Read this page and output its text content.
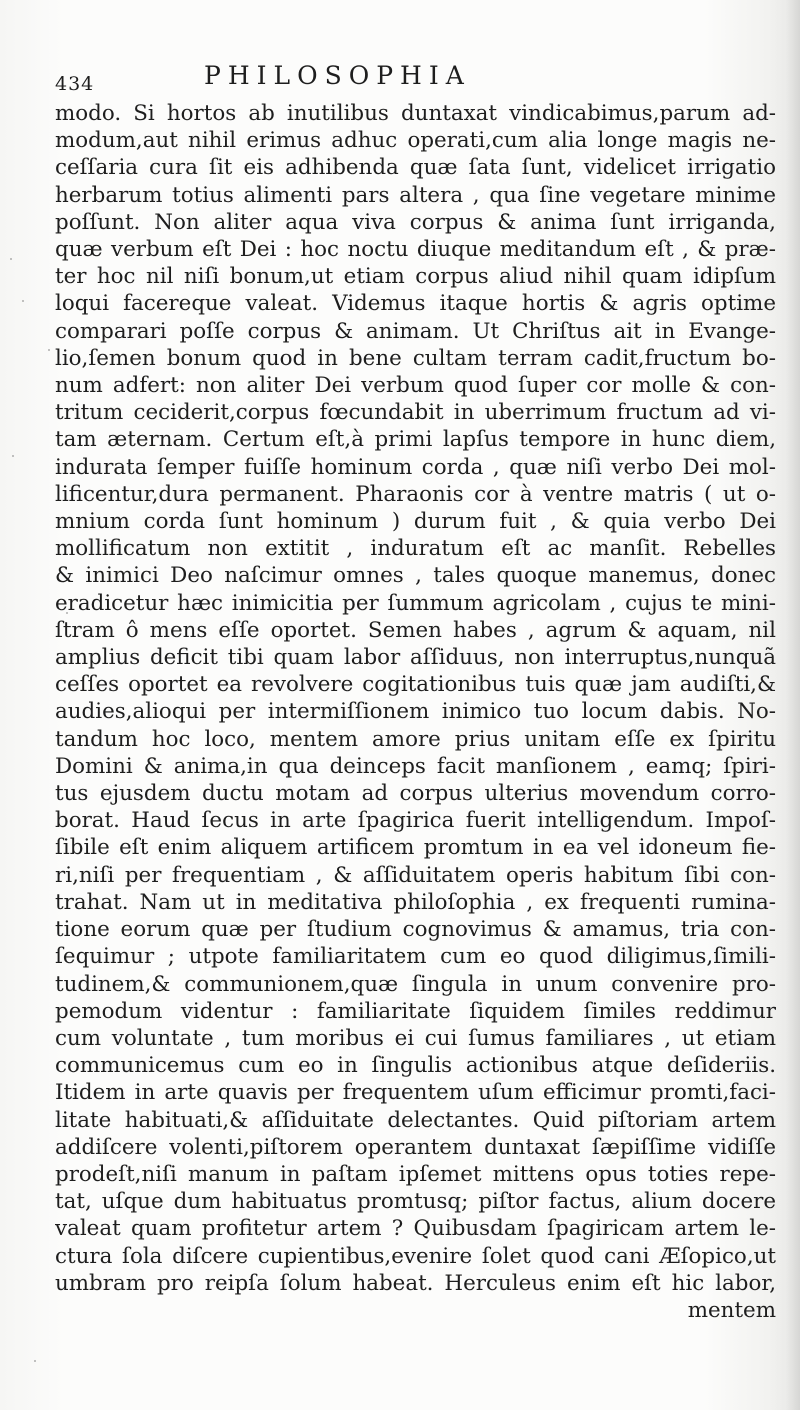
434	PHILOSOPHIA
modo. Si hortos ab inutilibus duntaxat vindicabimus,parum ad-
modum,aut nihil erimus adhuc operati,cum alia longe magis ne-
ceſſaria cura ſit eis adhibenda quæ ſata ſunt, videlicet irrigatio
herbarum totius alimenti pars altera , qua ſine vegetare minime
poſſunt. Non aliter aqua viva corpus & anima ſunt irriganda,
quæ verbum eſt Dei : hoc noctu diuque meditandum eſt , & præ-
ter hoc nil niſi bonum,ut etiam corpus aliud nihil quam idipſum
loqui facereque valeat. Videmus itaque hortis & agris optime
comparari poſſe corpus & animam. Ut Chriſtus ait in Evange-
lio,ſemen bonum quod in bene cultam terram cadit,fructum bo-
num adfert: non aliter Dei verbum quod ſuper cor molle & con-
tritum ceciderit,corpus fœcundabit in uberrimum fructum ad vi-
tam æternam. Certum eſt,à primi lapſus tempore in hunc diem,
indurata ſemper fuiſſe hominum corda , quæ niſi verbo Dei mol-
lificentur,dura permanent. Pharaonis cor à ventre matris ( ut o-
mnium corda ſunt hominum ) durum fuit , & quia verbo Dei
mollificatum non extitit , induratum eſt ac manſit. Rebelles
& inimici Deo naſcimur omnes , tales quoque manemus, donec
eradicetur hæc inimicitia per ſummum agricolam , cujus te mini-
ſtram ô mens eſſe oportet. Semen habes , agrum & aquam, nil
amplius deficit tibi quam labor aſſiduus, non interruptus,nunquã
ceſſes oportet ea revolvere cogitationibus tuis quæ jam audiſti,&
audies,alioqui per intermiſſionem inimico tuo locum dabis. No-
tandum hoc loco, mentem amore prius unitam eſſe ex ſpiritu
Domini & anima,in qua deinceps facit manſionem , eamq; ſpiri-
tus ejusdem ductu motam ad corpus ulterius movendum corro-
borat. Haud ſecus in arte ſpagirica fuerit intelligendum. Impoſ-
ſibile eſt enim aliquem artificem promtum in ea vel idoneum fie-
ri,niſi per frequentiam , & aſſiduitatem operis habitum ſibi con-
trahat. Nam ut in meditativa philoſophia , ex frequenti rumina-
tione eorum quæ per ſtudium cognovimus & amamus, tria con-
ſequimur ; utpote familiaritatem cum eo quod diligimus,ſimili-
tudinem,& communionem,quæ ſingula in unum convenire pro-
pemodum videntur : familiaritate ſiquidem ſimiles reddimur
cum voluntate , tum moribus ei cui ſumus familiares , ut etiam
communicemus cum eo in ſingulis actionibus atque deſideriis.
Itidem in arte quavis per frequentem uſum efficimur promti,faci-
litate habituati,& aſſiduitate delectantes. Quid piſtoriam artem
addiſcere volenti,piſtorem operantem duntaxat ſæpiſſime vidiſſe
prodeſt,niſi manum in paſtam ipſemet mittens opus toties repe-
tat, uſque dum habituatus promtusq; piſtor factus, alium docere
valeat quam profitetur artem ? Quibusdam ſpagiricam artem le-
ctura ſola diſcere cupientibus,evenire ſolet quod cani Æſopico,ut
umbram pro reipſa ſolum habeat. Herculeus enim eſt hic labor,
mentem
